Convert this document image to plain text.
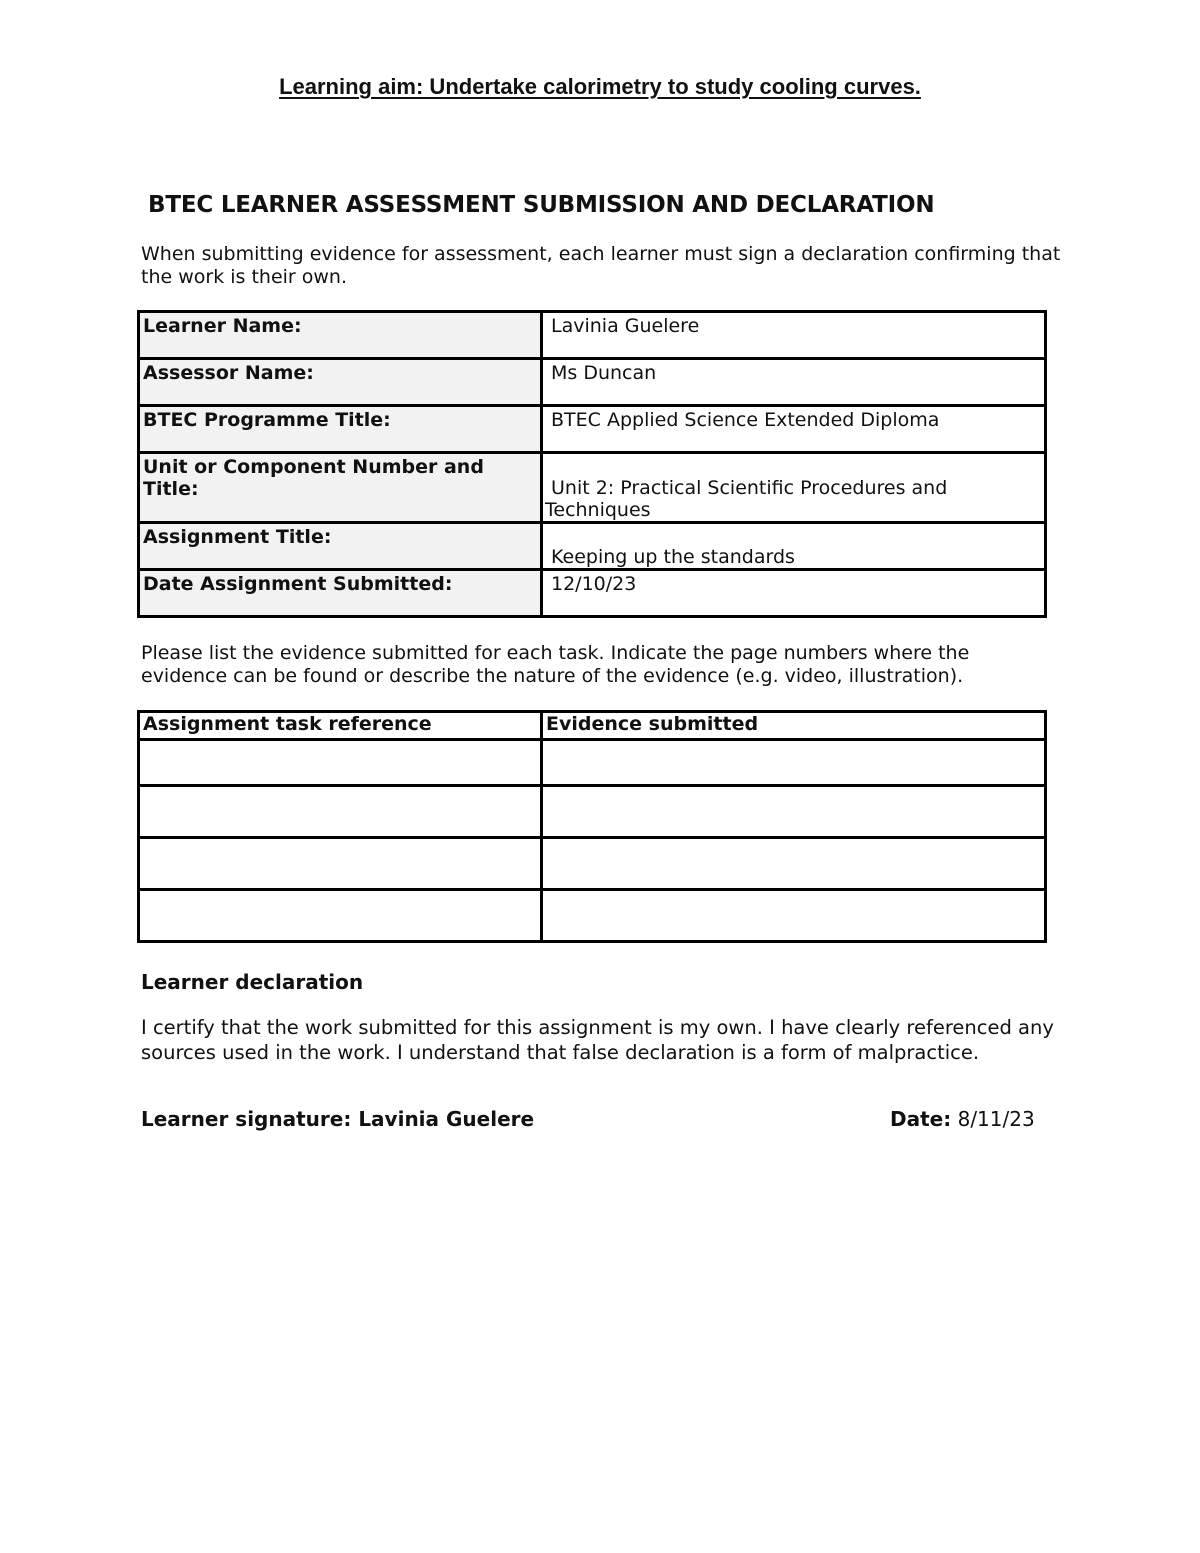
Learning aim: Undertake calorimetry to study cooling curves.
BTEC LEARNER ASSESSMENT SUBMISSION AND DECLARATION
When submitting evidence for assessment, each learner must sign a declaration confirming that the work is their own.
Learner Name:	Lavinia Guelere
Assessor Name:	Ms Duncan
BTEC Programme Title:	BTEC Applied Science Extended Diploma
Unit or Component Number and Title:	Unit 2: Practical Scientific Procedures and Techniques
Assignment Title:	Keeping up the standards
Date Assignment Submitted:	12/10/23
Please list the evidence submitted for each task. Indicate the page numbers where the evidence can be found or describe the nature of the evidence (e.g. video, illustration).
Assignment task reference	Evidence submitted

Learner declaration
I certify that the work submitted for this assignment is my own. I have clearly referenced any sources used in the work. I understand that false declaration is a form of malpractice.
Learner signature: Lavinia Guelere	Date: 8/11/23
